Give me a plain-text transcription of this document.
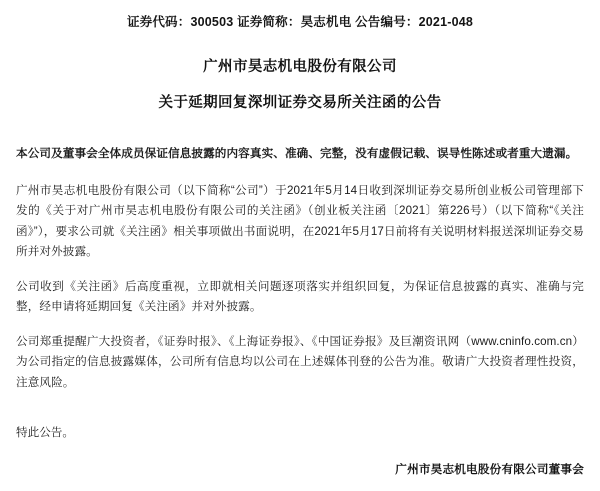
证券代码：300503 证券简称：昊志机电 公告编号：2021-048
广州市昊志机电股份有限公司
关于延期回复深圳证券交易所关注函的公告

本公司及董事会全体成员保证信息披露的内容真实、准确、完整，没有虚假记载、误导性陈述或者重大遗漏。

广州市昊志机电股份有限公司（以下简称“公司”）于2021年5月14日收到深圳证券交易所创业板公司管理部下发的《关于对广州市昊志机电股份有限公司的关注函》（创业板关注函〔2021〕第226号）（以下简称“《关注函》”），要求公司就《关注函》相关事项做出书面说明，在2021年5月17日前将有关说明材料报送深圳证券交易所并对外披露。

公司收到《关注函》后高度重视，立即就相关问题逐项落实并组织回复，为保证信息披露的真实、准确与完整，经申请将延期回复《关注函》并对外披露。

公司郑重提醒广大投资者，《证券时报》、《上海证券报》、《中国证券报》及巨潮资讯网（www.cninfo.com.cn）为公司指定的信息披露媒体，公司所有信息均以公司在上述媒体刊登的公告为准。敬请广大投资者理性投资，注意风险。

特此公告。
广州市昊志机电股份有限公司董事会
